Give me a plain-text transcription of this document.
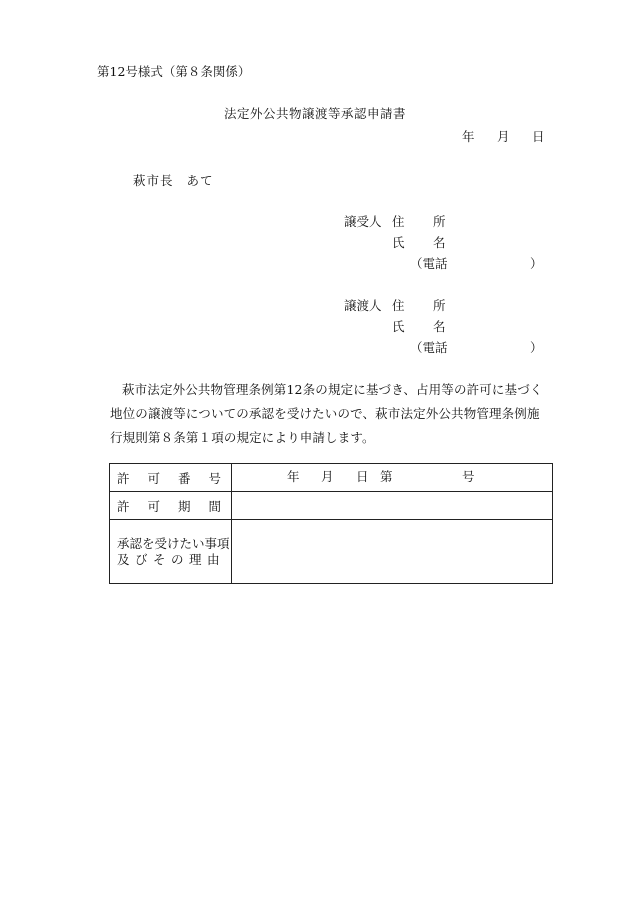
第12号様式（第８条関係）
法定外公共物譲渡等承認申請書
年 月 日
萩市長 あて
譲受人 住　所
氏　名
（電話	）
譲渡人 住　所
氏　名
（電話	）

萩市法定外公共物管理条例第12条の規定に基づき、占用等の許可に基づく地位の譲渡等についての承認を受けたいので、萩市法定外公共物管理条例施行規則第８条第１項の規定により申請します。

許 可 番 号	年 月 日 第 号

許 可 期 間	

承認を受けたい事項
及びその理由	
